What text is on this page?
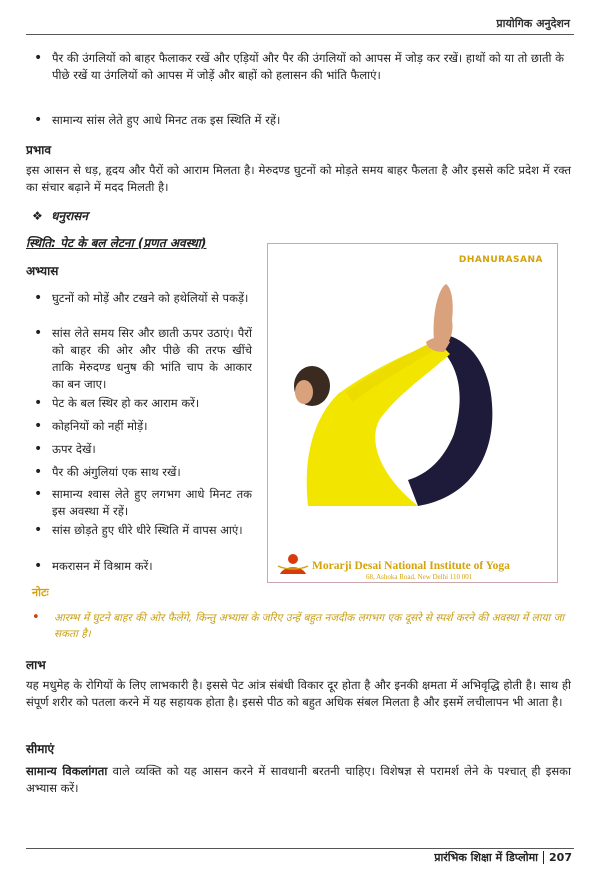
प्रायोगिक अनुदेशन
• पैर की उंगलियों को बाहर फैलाकर रखें और एड़ियों और पैर की उंगलियों को आपस में जोड़ कर रखें। हाथों को या तो छाती के पीछे रखें या उंगलियों को आपस में जोड़ें और बाहों को हलासन की भांति फैलाएं।
• सामान्य सांस लेते हुए आधे मिनट तक इस स्थिति में रहें।
प्रभाव
इस आसन से धड़, हृदय और पैरों को आराम मिलता है। मेरुदण्ड घुटनों को मोड़ते समय बाहर फैलता है और इससे कटि प्रदेश में रक्त का संचार बढ़ाने में मदद मिलती है।
❖ धनुरासन
स्थिति: पेट के बल लेटना (प्रणत अवस्था)
अभ्यास
• घुटनों को मोड़ें और टखने को हथेलियों से पकड़ें।
• सांस लेते समय सिर और छाती ऊपर उठाएं। पैरों को बाहर की ओर और पीछे की तरफ खींचे ताकि मेरुदण्ड धनुष की भांति चाप के आकार का बन जाए।
• पेट के बल स्थिर हो कर आराम करें।
• कोहनियों को नहीं मोड़ें।
• ऊपर देखें।
• पैर की अंगुलियां एक साथ रखें।
• सामान्य श्वास लेते हुए लगभग आधे मिनट तक इस अवस्था में रहें।
• सांस छोड़ते हुए धीरे धीरे स्थिति में वापस आएं।
• मकरासन में विश्राम करें।
DHANURASANA
Morarji Desai National Institute of Yoga
68, Ashoka Road, New Delhi 110 001
नोटः
•	आरम्भ में घुटने बाहर की ओर फैलेंगे, किन्तु अभ्यास के जरिए उन्हें बहुत नजदीक लगभग एक दूसरे से स्पर्श करने की अवस्था में लाया जा सकता है।
लाभ
यह मधुमेह के रोगियों के लिए लाभकारी है। इससे पेट आंत्र संबंधी विकार दूर होता है और इनकी क्षमता में अभिवृद्धि होती है। साथ ही संपूर्ण शरीर को पतला करने में यह सहायक होता है। इससे पीठ को बहुत अधिक संबल मिलता है और इसमें लचीलापन भी आता है।
सीमाएं
सामान्य विकलांगता वाले व्यक्ति को यह आसन करने में सावधानी बरतनी चाहिए। विशेषज्ञ से परामर्श लेने के पश्चात् ही इसका अभ्यास करें।
प्रारंभिक शिक्षा में डिप्लोमा 207
